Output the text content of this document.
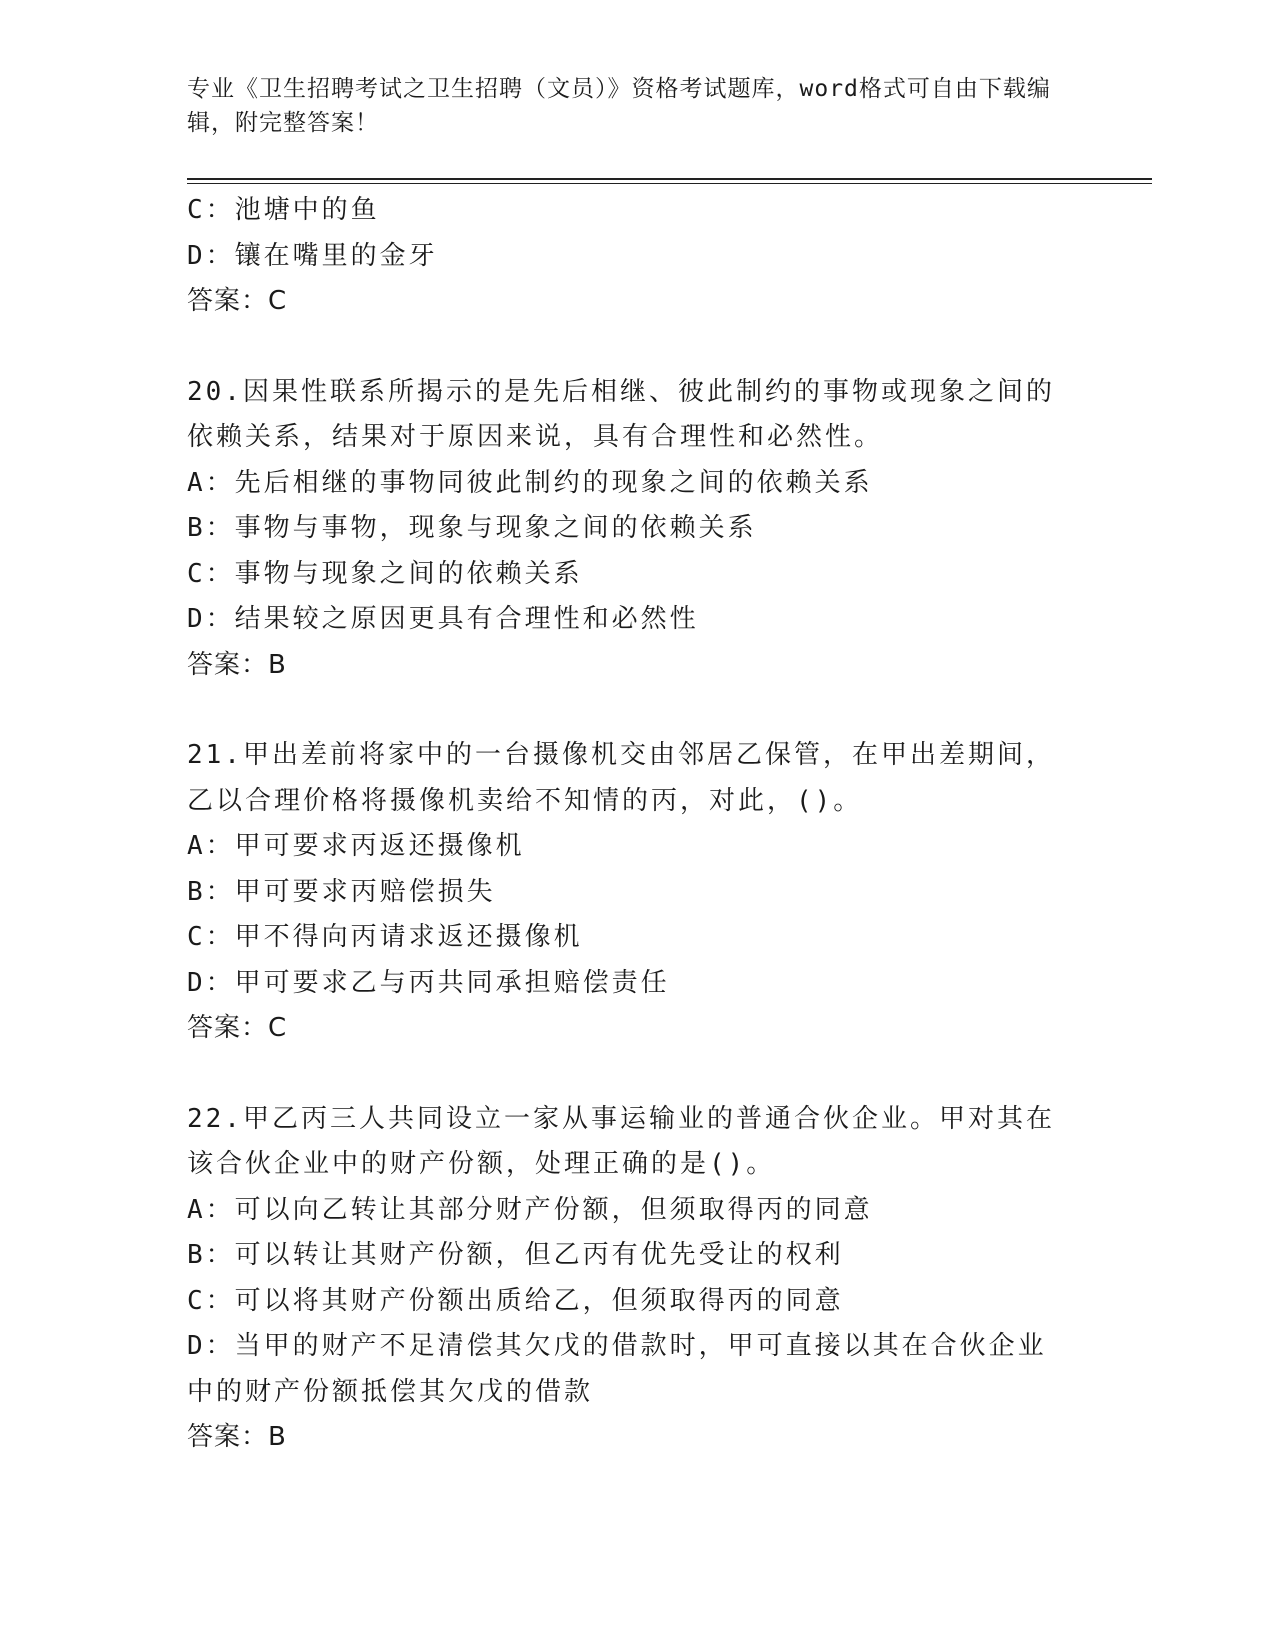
专业《卫生招聘考试之卫生招聘（文员）》资格考试题库，word格式可自由下载编辑，附完整答案！

C：池塘中的鱼

D：镶在嘴里的金牙

答案：C

20.因果性联系所揭示的是先后相继、彼此制约的事物或现象之间的依赖关系，结果对于原因来说，具有合理性和必然性。

A：先后相继的事物同彼此制约的现象之间的依赖关系

B：事物与事物，现象与现象之间的依赖关系

C：事物与现象之间的依赖关系

D：结果较之原因更具有合理性和必然性

答案：B

21.甲出差前将家中的一台摄像机交由邻居乙保管，在甲出差期间，乙以合理价格将摄像机卖给不知情的丙，对此，()。

A：甲可要求丙返还摄像机

B：甲可要求丙赔偿损失

C：甲不得向丙请求返还摄像机

D：甲可要求乙与丙共同承担赔偿责任

答案：C

22.甲乙丙三人共同设立一家从事运输业的普通合伙企业。甲对其在该合伙企业中的财产份额，处理正确的是()。

A：可以向乙转让其部分财产份额，但须取得丙的同意

B：可以转让其财产份额，但乙丙有优先受让的权利

C：可以将其财产份额出质给乙，但须取得丙的同意

D：当甲的财产不足清偿其欠戊的借款时，甲可直接以其在合伙企业中的财产份额抵偿其欠戊的借款

答案：B
